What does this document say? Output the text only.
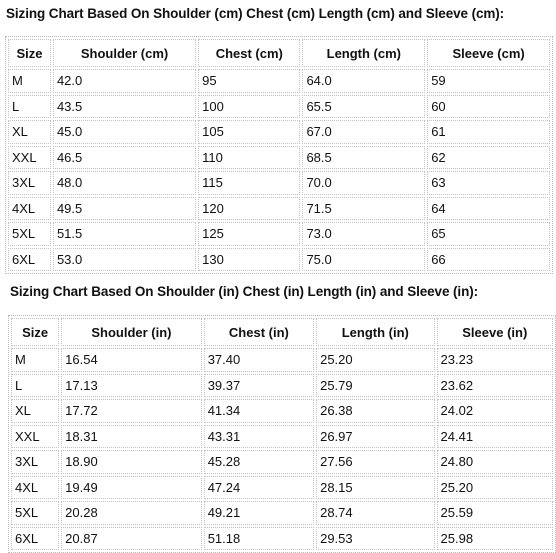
Sizing Chart Based On Shoulder (cm) Chest (cm) Length (cm) and Sleeve (cm):
Size	Shoulder (cm)	Chest (cm)	Length (cm)	Sleeve (cm)
M	42.0	95	64.0	59
L	43.5	100	65.5	60
XL	45.0	105	67.0	61
XXL	46.5	110	68.5	62
3XL	48.0	115	70.0	63
4XL	49.5	120	71.5	64
5XL	51.5	125	73.0	65
6XL	53.0	130	75.0	66
Sizing Chart Based On Shoulder (in) Chest (in) Length (in) and Sleeve (in):
Size	Shoulder (in)	Chest (in)	Length (in)	Sleeve (in)
M	16.54	37.40	25.20	23.23
L	17.13	39.37	25.79	23.62
XL	17.72	41.34	26.38	24.02
XXL	18.31	43.31	26.97	24.41
3XL	18.90	45.28	27.56	24.80
4XL	19.49	47.24	28.15	25.20
5XL	20.28	49.21	28.74	25.59
6XL	20.87	51.18	29.53	25.98
